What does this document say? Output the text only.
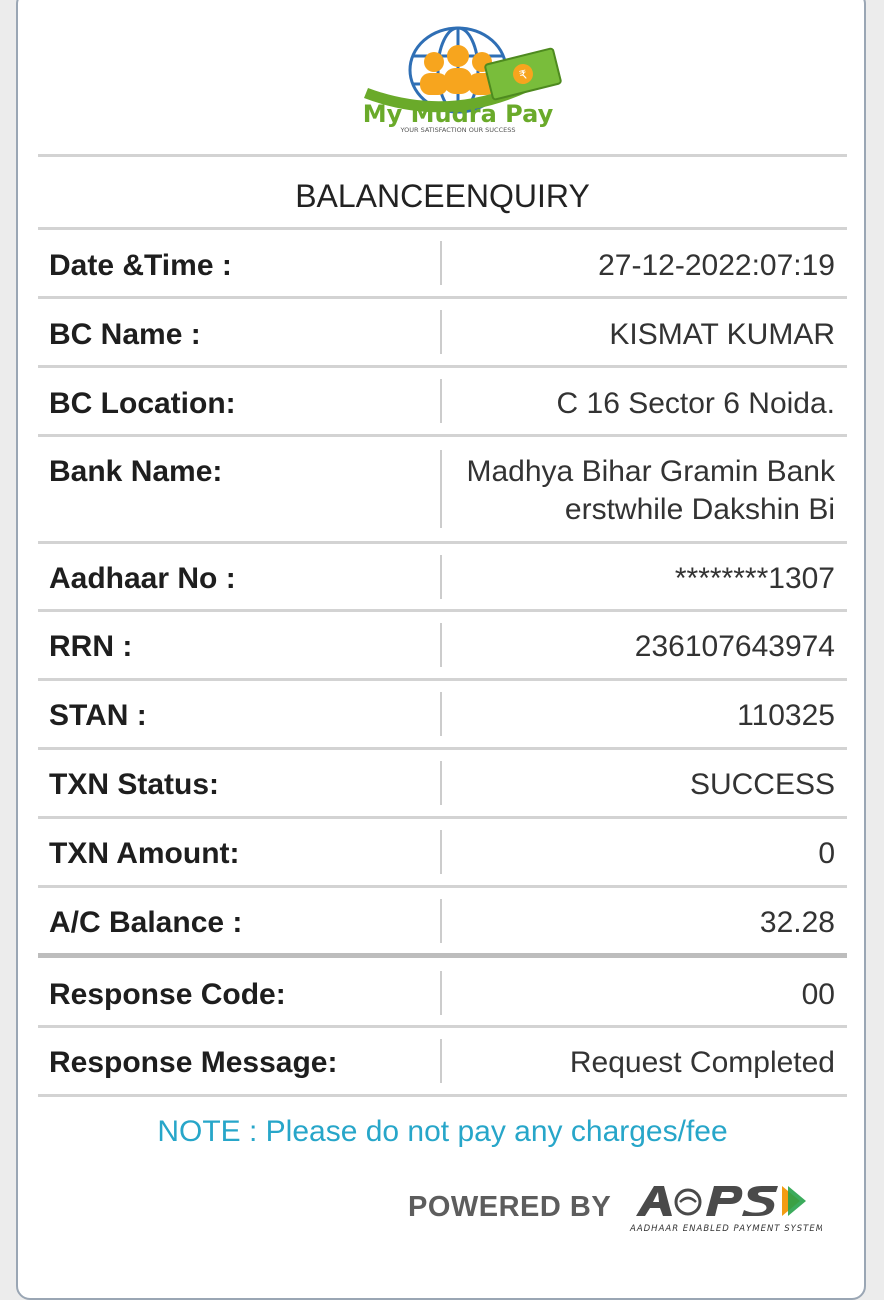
₹
My Mudra Pay
YOUR SATISFACTION OUR SUCCESS
BALANCEENQUIRY
Date &Time :	27-12-2022:07:19
BC Name :	KISMAT KUMAR
BC Location:	C 16 Sector 6 Noida.
Bank Name:	Madhya Bihar Gramin Bank
erstwhile Dakshin Bi
Aadhaar No :	********1307
RRN :	236107643974
STAN :	110325
TXN Status:	SUCCESS
TXN Amount:	0
A/C Balance :	32.28
Response Code:	00
Response Message:	Request Completed
NOTE : Please do not pay any charges/fee
POWERED BY
AADHAAR ENABLED PAYMENT SYSTEM
